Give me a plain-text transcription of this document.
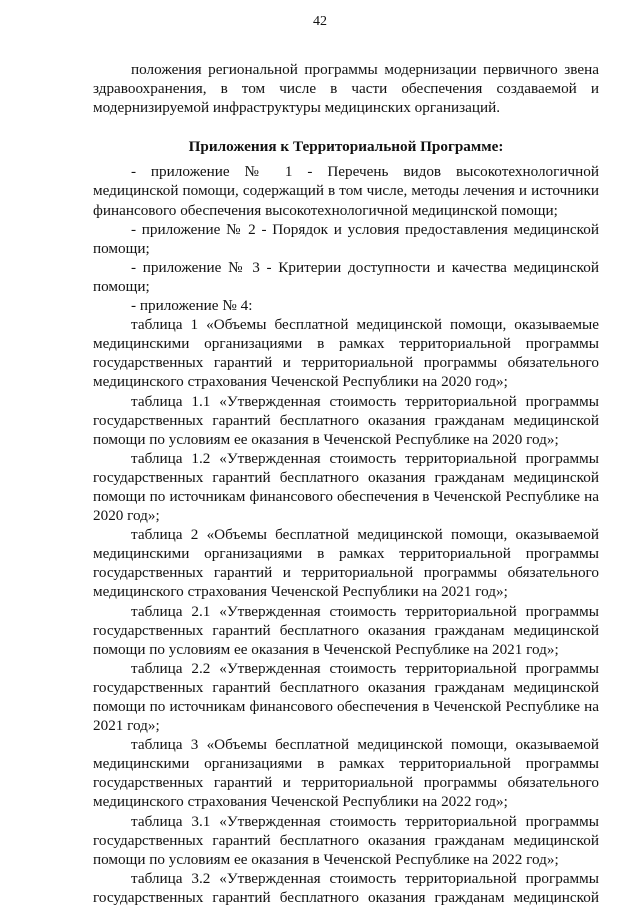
42

положения региональной программы модернизации первичного звена здравоохранения, в том числе в части обеспечения создаваемой и модернизируемой инфраструктуры медицинских организаций.

Приложения к Территориальной Программе:

- приложение № 1 - Перечень видов высокотехнологичной медицинской помощи, содержащий в том числе, методы лечения и источники финансового обеспечения высокотехнологичной медицинской помощи;

- приложение № 2 - Порядок и условия предоставления медицинской помощи;

- приложение № 3 - Критерии доступности и качества медицинской помощи;

- приложение № 4:

таблица 1 «Объемы бесплатной медицинской помощи, оказываемые медицинскими организациями в рамках территориальной программы государственных гарантий и территориальной программы обязательного медицинского страхования Чеченской Республики на 2020 год»;

таблица 1.1 «Утвержденная стоимость территориальной программы государственных гарантий бесплатного оказания гражданам медицинской помощи по условиям ее оказания в Чеченской Республике на 2020 год»;

таблица 1.2 «Утвержденная стоимость территориальной программы государственных гарантий бесплатного оказания гражданам медицинской помощи по источникам финансового обеспечения в Чеченской Республике на 2020 год»;

таблица 2 «Объемы бесплатной медицинской помощи, оказываемой медицинскими организациями в рамках территориальной программы государственных гарантий и территориальной программы обязательного медицинского страхования Чеченской Республики на 2021 год»;

таблица 2.1 «Утвержденная стоимость территориальной программы государственных гарантий бесплатного оказания гражданам медицинской помощи по условиям ее оказания в Чеченской Республике на 2021 год»;

таблица 2.2 «Утвержденная стоимость территориальной программы государственных гарантий бесплатного оказания гражданам медицинской помощи по источникам финансового обеспечения в Чеченской Республике на 2021 год»;

таблица 3 «Объемы бесплатной медицинской помощи, оказываемой медицинскими организациями в рамках территориальной программы государственных гарантий и территориальной программы обязательного медицинского страхования Чеченской Республики на 2022 год»;

таблица 3.1 «Утвержденная стоимость территориальной программы государственных гарантий бесплатного оказания гражданам медицинской помощи по условиям ее оказания в Чеченской Республике на 2022 год»;

таблица 3.2 «Утвержденная стоимость территориальной программы государственных гарантий бесплатного оказания гражданам медицинской
